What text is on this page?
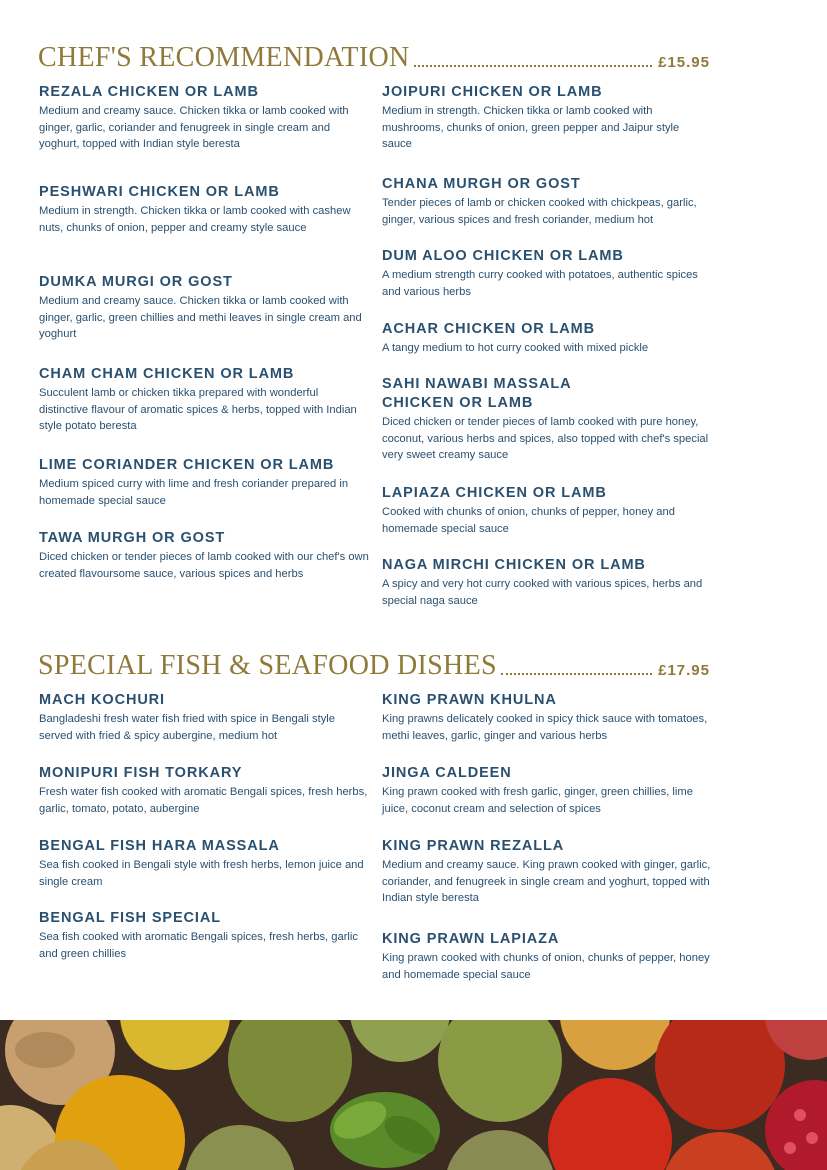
CHEF'S RECOMMENDATION	£15.95

REZALA CHICKEN OR LAMB

Medium and creamy sauce. Chicken tikka or lamb cooked with ginger, garlic, coriander and fenugreek in single cream and yoghurt, topped with Indian style beresta

PESHWARI CHICKEN OR LAMB

Medium in strength. Chicken tikka or lamb cooked with cashew nuts, chunks of onion, pepper and creamy style sauce

DUMKA MURGI OR GOST

Medium and creamy sauce. Chicken tikka or lamb cooked with ginger, garlic, green chillies and methi leaves in single cream and yoghurt

CHAM CHAM CHICKEN OR LAMB

Succulent lamb or chicken tikka prepared with wonderful distinctive flavour of aromatic spices & herbs, topped with Indian style potato beresta

LIME CORIANDER CHICKEN OR LAMB

Medium spiced curry with lime and fresh coriander prepared in homemade special sauce

TAWA MURGH OR GOST

Diced chicken or tender pieces of lamb cooked with our chef's own created flavoursome sauce, various spices and herbs

JOIPURI CHICKEN OR LAMB

Medium in strength. Chicken tikka or lamb cooked with mushrooms, chunks of onion, green pepper and Jaipur style sauce

CHANA MURGH OR GOST

Tender pieces of lamb or chicken cooked with chickpeas, garlic, ginger, various spices and fresh coriander, medium hot

DUM ALOO CHICKEN OR LAMB

A medium strength curry cooked with potatoes, authentic spices and various herbs

ACHAR CHICKEN OR LAMB

A tangy medium to hot curry cooked with mixed pickle

SAHI NAWABI MASSALA CHICKEN OR LAMB

Diced chicken or tender pieces of lamb cooked with pure honey, coconut, various herbs and spices, also topped with chef's special very sweet creamy sauce

LAPIAZA CHICKEN OR LAMB

Cooked with chunks of onion, chunks of pepper, honey and homemade special sauce

NAGA MIRCHI CHICKEN OR LAMB

A spicy and very hot curry cooked with various spices, herbs and special naga sauce

SPECIAL FISH & SEAFOOD DISHES	£17.95

MACH KOCHURI

Bangladeshi fresh water fish fried with spice in Bengali style served with fried & spicy aubergine, medium hot

MONIPURI FISH TORKARY

Fresh water fish cooked with aromatic Bengali spices, fresh herbs, garlic, tomato, potato, aubergine

BENGAL FISH HARA MASSALA

Sea fish cooked in Bengali style with fresh herbs, lemon juice and single cream

BENGAL FISH SPECIAL

Sea fish cooked with aromatic Bengali spices, fresh herbs, garlic and green chillies

KING PRAWN KHULNA

King prawns delicately cooked in spicy thick sauce with tomatoes, methi leaves, garlic, ginger and various herbs

JINGA CALDEEN

King prawn cooked with fresh garlic, ginger, green chillies, lime juice, coconut cream and selection of spices

KING PRAWN REZALLA

Medium and creamy sauce. King prawn cooked with ginger, garlic, coriander, and fenugreek in single cream and yoghurt, topped with Indian style beresta

KING PRAWN LAPIAZA

King prawn cooked with chunks of onion, chunks of pepper, honey and homemade special sauce
